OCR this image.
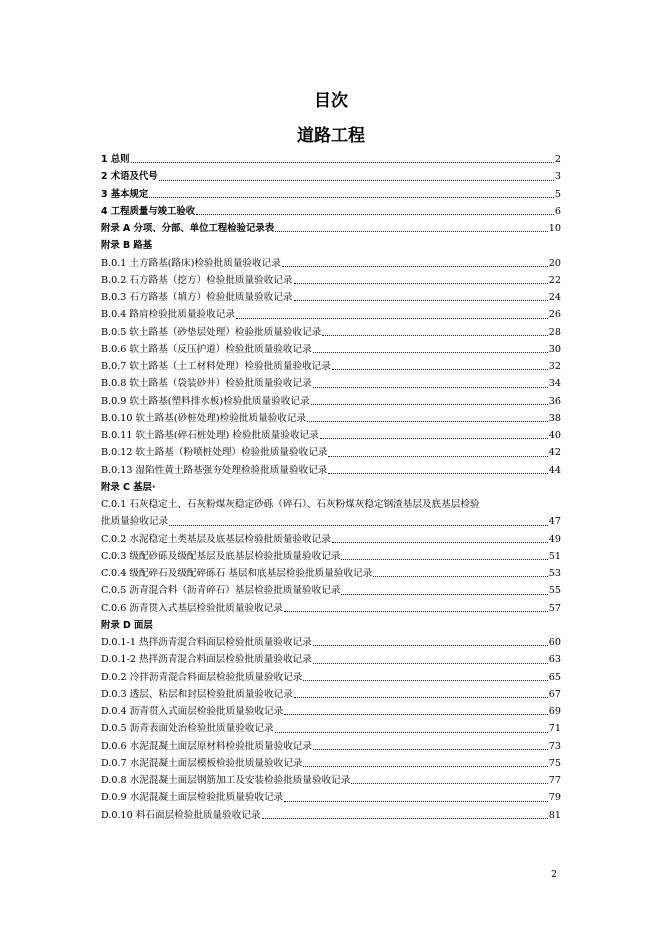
目次
道路工程
1 总则	2
2 术语及代号	3
3 基本规定	5
4 工程质量与竣工验收	6
附录 A 分项、分部、单位工程检验记录表	10
附录 B 路基
B.0.1 土方路基(路床)检验批质量验收记录	20
B.0.2 石方路基（挖方）检验批质量验收记录	22
B.0.3 石方路基（填方）检验批质量验收记录	24
B.0.4 路肩检验批质量验收记录	26
B.0.5 软土路基（砂垫层处理）检验批质量验收记录	28
B.0.6 软土路基（反压护道）检验批质量验收记录	30
B.0.7 软土路基（土工材料处理）检验批质量验收记录	32
B.0.8 软土路基（袋装砂井）检验批质量验收记录	34
B.0.9 软土路基(塑料排水板)检验批质量验收记录	36
B.0.10 软土路基(砂桩处理)检验批质量验收记录	38
B.0.11 软土路基(碎石桩处理) 检验批质量验收记录	40
B.0.12 软土路基（粉喷桩处理）检验批质量验收记录	42
B.0.13 湿陷性黄土路基强夯处理检验批质量验收记录	44
附录 C 基层·
C.0.1 石灰稳定土、石灰粉煤灰稳定砂砾（碎石）、石灰粉煤灰稳定钢渣基层及底基层检验
批质量验收记录	47
C.0.2 水泥稳定土类基层及底基层检验批质量验收记录	49
C.0.3 级配砂砾及级配基层及底基层检验批质量验收记录	51
C.0.4 级配碎石及级配碎砾石 基层和底基层检验批质量验收记录	53
C.0.5 沥青混合料（沥青碎石）基层检验批质量验收记录	55
C.0.6 沥青贯入式基层检验批质量验收记录	57
附录 D 面层
D.0.1-1 热拌沥青混合料面层检验批质量验收记录	60
D.0.1-2 热拌沥青混合料面层检验批质量验收记录	63
D.0.2 冷拌沥青混合料面层检验批质量验收记录	65
D.0.3 透层、粘层和封层检验批质量验收记录	67
D.0.4 沥青贯入式面层检验批质量验收记录	69
D.0.5 沥青表面处治检验批质量验收记录	71
D.0.6 水泥混凝土面层原材料检验批质量验收记录	73
D.0.7 水泥混凝土面层模板检验批质量验收记录	75
D.0.8 水泥混凝土面层钢筋加工及安装检验批质量验收记录	77
D.0.9 水泥混凝土面层检验批质量验收记录	79
D.0.10 料石面层检验批质量验收记录	81
2
